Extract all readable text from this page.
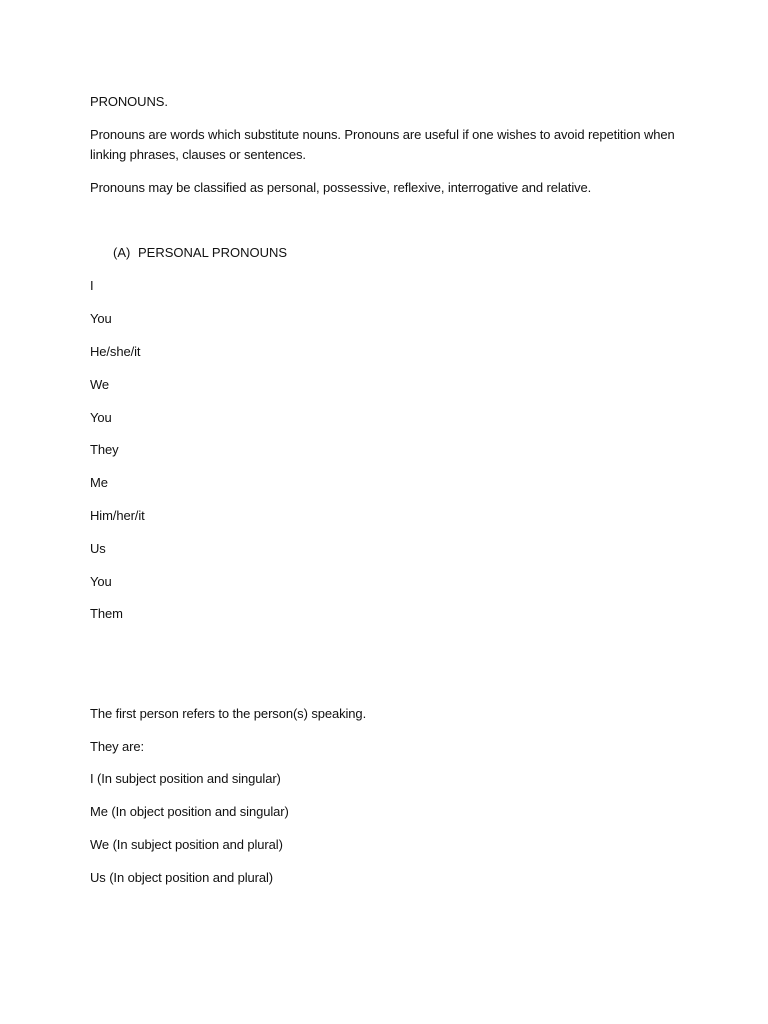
PRONOUNS.
Pronouns are words which substitute nouns. Pronouns are useful if one wishes to avoid repetition when linking phrases, clauses or sentences.
Pronouns may be classified as personal, possessive, reflexive, interrogative and relative.
(A) PERSONAL PRONOUNS
I
You
He/she/it
We
You
They
Me
Him/her/it
Us
You
Them
The first person refers to the person(s) speaking.
They are:
I (In subject position and singular)
Me (In object position and singular)
We (In subject position and plural)
Us (In object position and plural)
